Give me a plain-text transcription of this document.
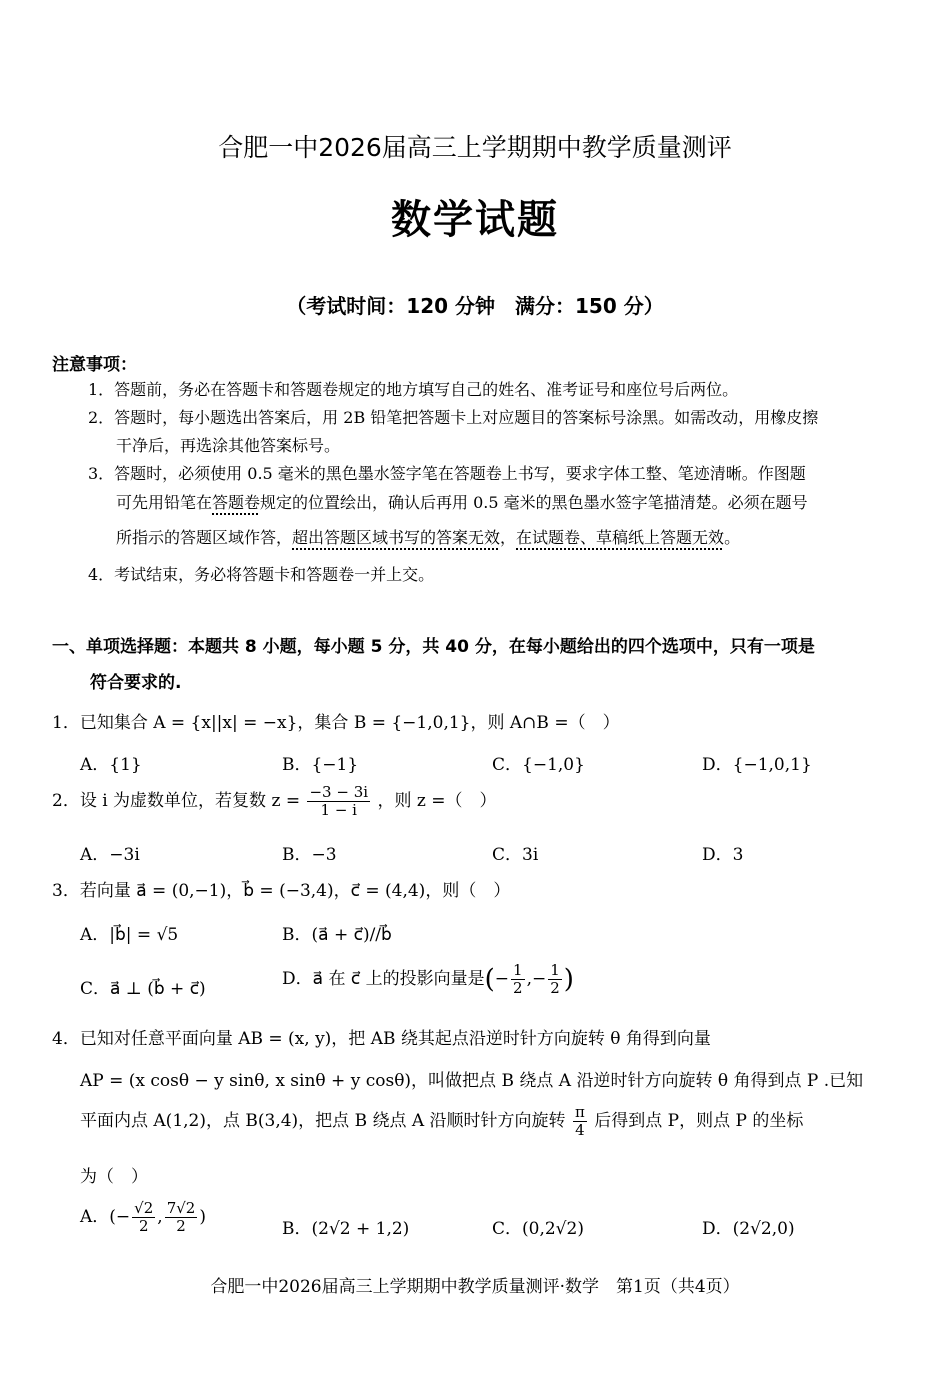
合肥一中2026届高三上学期期中教学质量测评
数学试题
（考试时间：120 分钟　满分：150 分）
注意事项：
1．答题前，务必在答题卡和答题卷规定的地方填写自己的姓名、准考证号和座位号后两位。
2．答题时，每小题选出答案后，用 2B 铅笔把答题卡上对应题目的答案标号涂黑。如需改动，用橡皮擦
干净后，再选涂其他答案标号。
3．答题时，必须使用 0.5 毫米的黑色墨水签字笔在答题卷上书写，要求字体工整、笔迹清晰。作图题
可先用铅笔在答题卷规定的位置绘出，确认后再用 0.5 毫米的黑色墨水签字笔描清楚。必须在题号
所指示的答题区域作答，超出答题区域书写的答案无效，在试题卷、草稿纸上答题无效。
4．考试结束，务必将答题卡和答题卷一并上交。
一、单项选择题：本题共 8 小题，每小题 5 分，共 40 分，在每小题给出的四个选项中，只有一项是
符合要求的.
1．已知集合 A = {x||x| = −x}，集合 B = {−1,0,1}，则 A∩B =（　）
A．{1}	B．{−1}	C．{−1,0}	D．{−1,0,1}
2．设 i 为虚数单位，若复数 $z = \frac{-3 - 3i}{1 - i}$ ，则 z =（　）
A．−3i	B．−3	C．3i	D．3
3．若向量 a⃗ = (0,−1)，b⃗ = (−3,4)，c⃗ = (4,4)，则（　）
A．|b⃗| = √5	B．(a⃗ + c⃗)//b⃗
C．a⃗ ⊥ (b⃗ + c⃗)	D．a⃗ 在 c⃗ 上的投影向量是(− $\frac{1}{2}$ ,− $\frac{1}{2}$ )
4．已知对任意平面向量 AB = (x, y)，把 AB 绕其起点沿逆时针方向旋转 θ 角得到向量
AP = (x cosθ − y sinθ, x sinθ + y cosθ)，叫做把点 B 绕点 A 沿逆时针方向旋转 θ 角得到点 P .已知
平面内点 A(1,2)，点 B(3,4)，把点 B 绕点 A 沿顺时针方向旋转 $\frac{\pi}{4}$ 后得到点 P，则点 P 的坐标
为（　）
A．(− $\frac{√2}{2}$ , $\frac{7√2}{2}$ )
B．(2√2 + 1,2)	C．(0,2√2)	D．(2√2,0)
合肥一中2026届高三上学期期中教学质量测评·数学　第1页（共4页）
